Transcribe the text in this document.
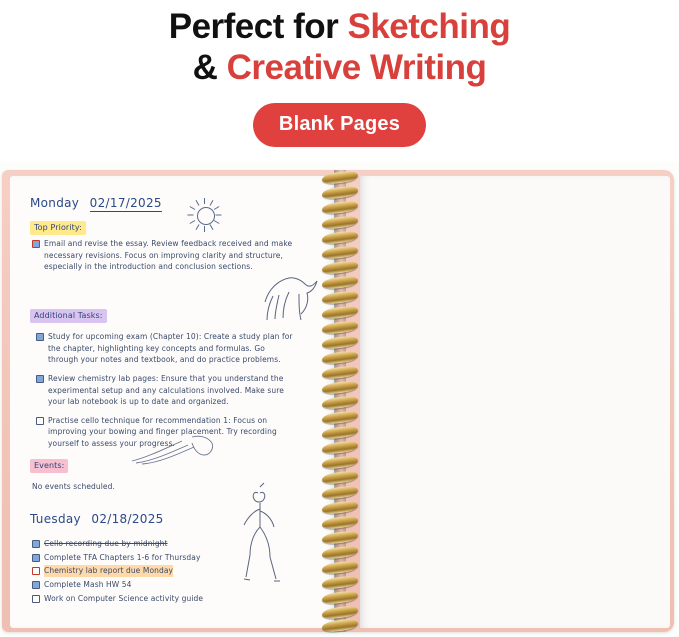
Perfect for Sketching
& Creative Writing
Blank Pages
Monday 02/17/2025
Top Priority:
Email and revise the essay. Review feedback received and make necessary revisions. Focus on improving clarity and structure, especially in the introduction and conclusion sections.
Additional Tasks:
Study for upcoming exam (Chapter 10): Create a study plan for the chapter, highlighting key concepts and formulas. Go through your notes and textbook, and do practice problems.
Review chemistry lab pages: Ensure that you understand the experimental setup and any calculations involved. Make sure your lab notebook is up to date and organized.
Practise cello technique for recommendation 1: Focus on improving your bowing and finger placement. Try recording yourself to assess your progress.
Events:
No events scheduled.
Tuesday 02/18/2025
Cello recording due by midnight
Complete TFA Chapters 1-6 for Thursday
Chemistry lab report due Monday
Complete Mash HW 54
Work on Computer Science activity guide
